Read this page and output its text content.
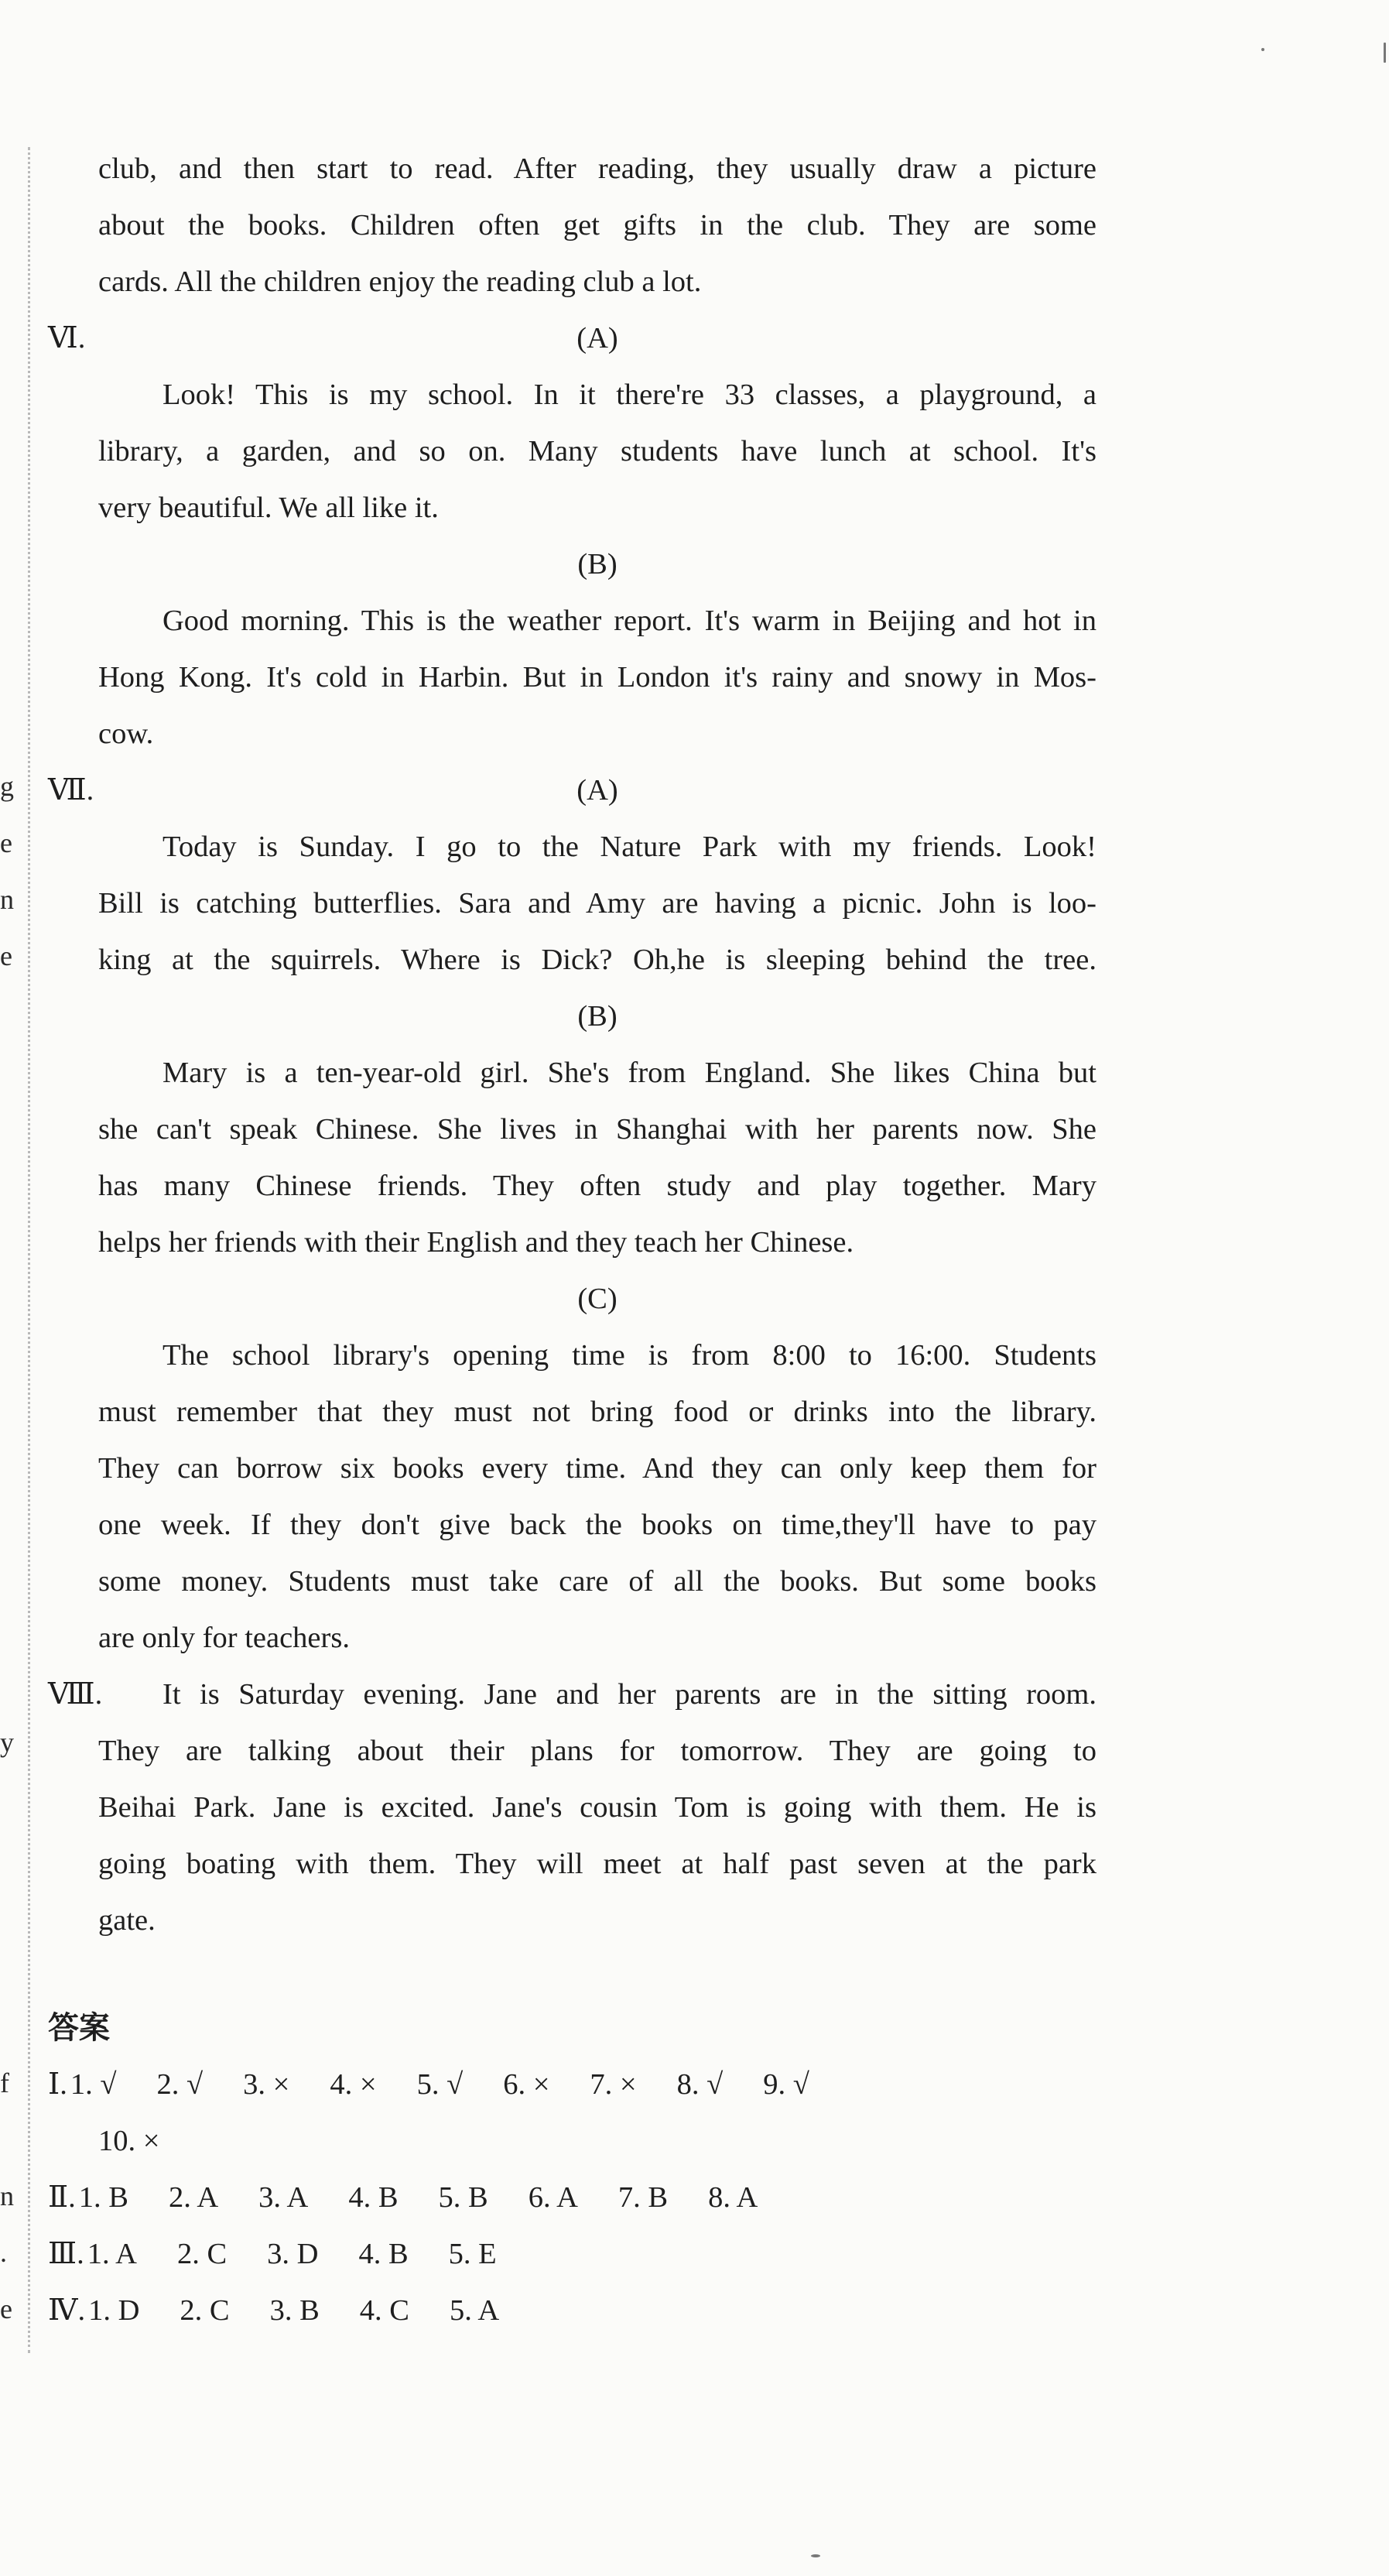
g
e
n
e
y
f
n
.
e
club, and then start to read. After reading, they usually draw a picture
about the books. Children often get gifts in the club. They are some
cards. All the children enjoy the reading club a lot.
Ⅵ.	(A)
Look! This is my school. In it there're 33 classes, a playground, a
library, a garden, and so on. Many students have lunch at school. It's
very beautiful. We all like it.
(B)
Good morning. This is the weather report. It's warm in Beijing and hot in
Hong Kong. It's cold in Harbin. But in London it's rainy and snowy in Mos-
cow.
Ⅶ.	(A)
Today is Sunday. I go to the Nature Park with my friends. Look!
Bill is catching butterflies. Sara and Amy are having a picnic. John is loo-
king at the squirrels. Where is Dick? Oh,he is sleeping behind the tree.
(B)
Mary is a ten-year-old girl. She's from England. She likes China but
she can't speak Chinese. She lives in Shanghai with her parents now. She
has many Chinese friends. They often study and play together. Mary
helps her friends with their English and they teach her Chinese.
(C)
The school library's opening time is from 8:00 to 16:00. Students
must remember that they must not bring food or drinks into the library.
They can borrow six books every time. And they can only keep them for
one week. If they don't give back the books on time,they'll have to pay
some money. Students must take care of all the books. But some books
are only for teachers.
Ⅷ. It is Saturday evening. Jane and her parents are in the sitting room.
They are talking about their plans for tomorrow. They are going to
Beihai Park. Jane is excited. Jane's cousin Tom is going with them. He is
going boating with them. They will meet at half past seven at the park
gate.
答案
Ⅰ. 1. √ 2. √ 3. × 4. × 5. √ 6. × 7. × 8. √ 9. √
10. ×
Ⅱ. 1. B 2. A 3. A 4. B 5. B 6. A 7. B 8. A
Ⅲ. 1. A 2. C 3. D 4. B 5. E
Ⅳ. 1. D 2. C 3. B 4. C 5. A
